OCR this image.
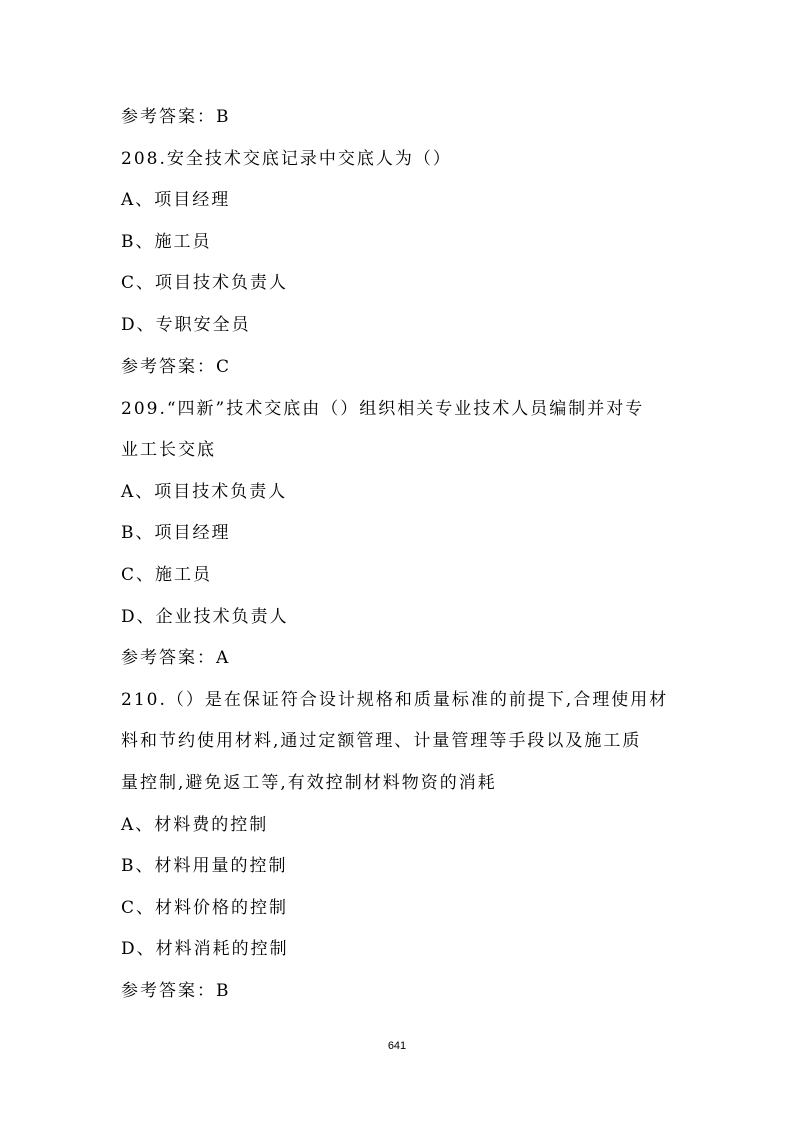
参考答案：B
208.安全技术交底记录中交底人为（）
A、项目经理
B、施工员
C、项目技术负责人
D、专职安全员
参考答案：C
209.“四新”技术交底由（）组织相关专业技术人员编制并对专
业工长交底
A、项目技术负责人
B、项目经理
C、施工员
D、企业技术负责人
参考答案：A
210.（）是在保证符合设计规格和质量标准的前提下,合理使用材
料和节约使用材料,通过定额管理、计量管理等手段以及施工质
量控制,避免返工等,有效控制材料物资的消耗
A、材料费的控制
B、材料用量的控制
C、材料价格的控制
D、材料消耗的控制
参考答案：B
641
